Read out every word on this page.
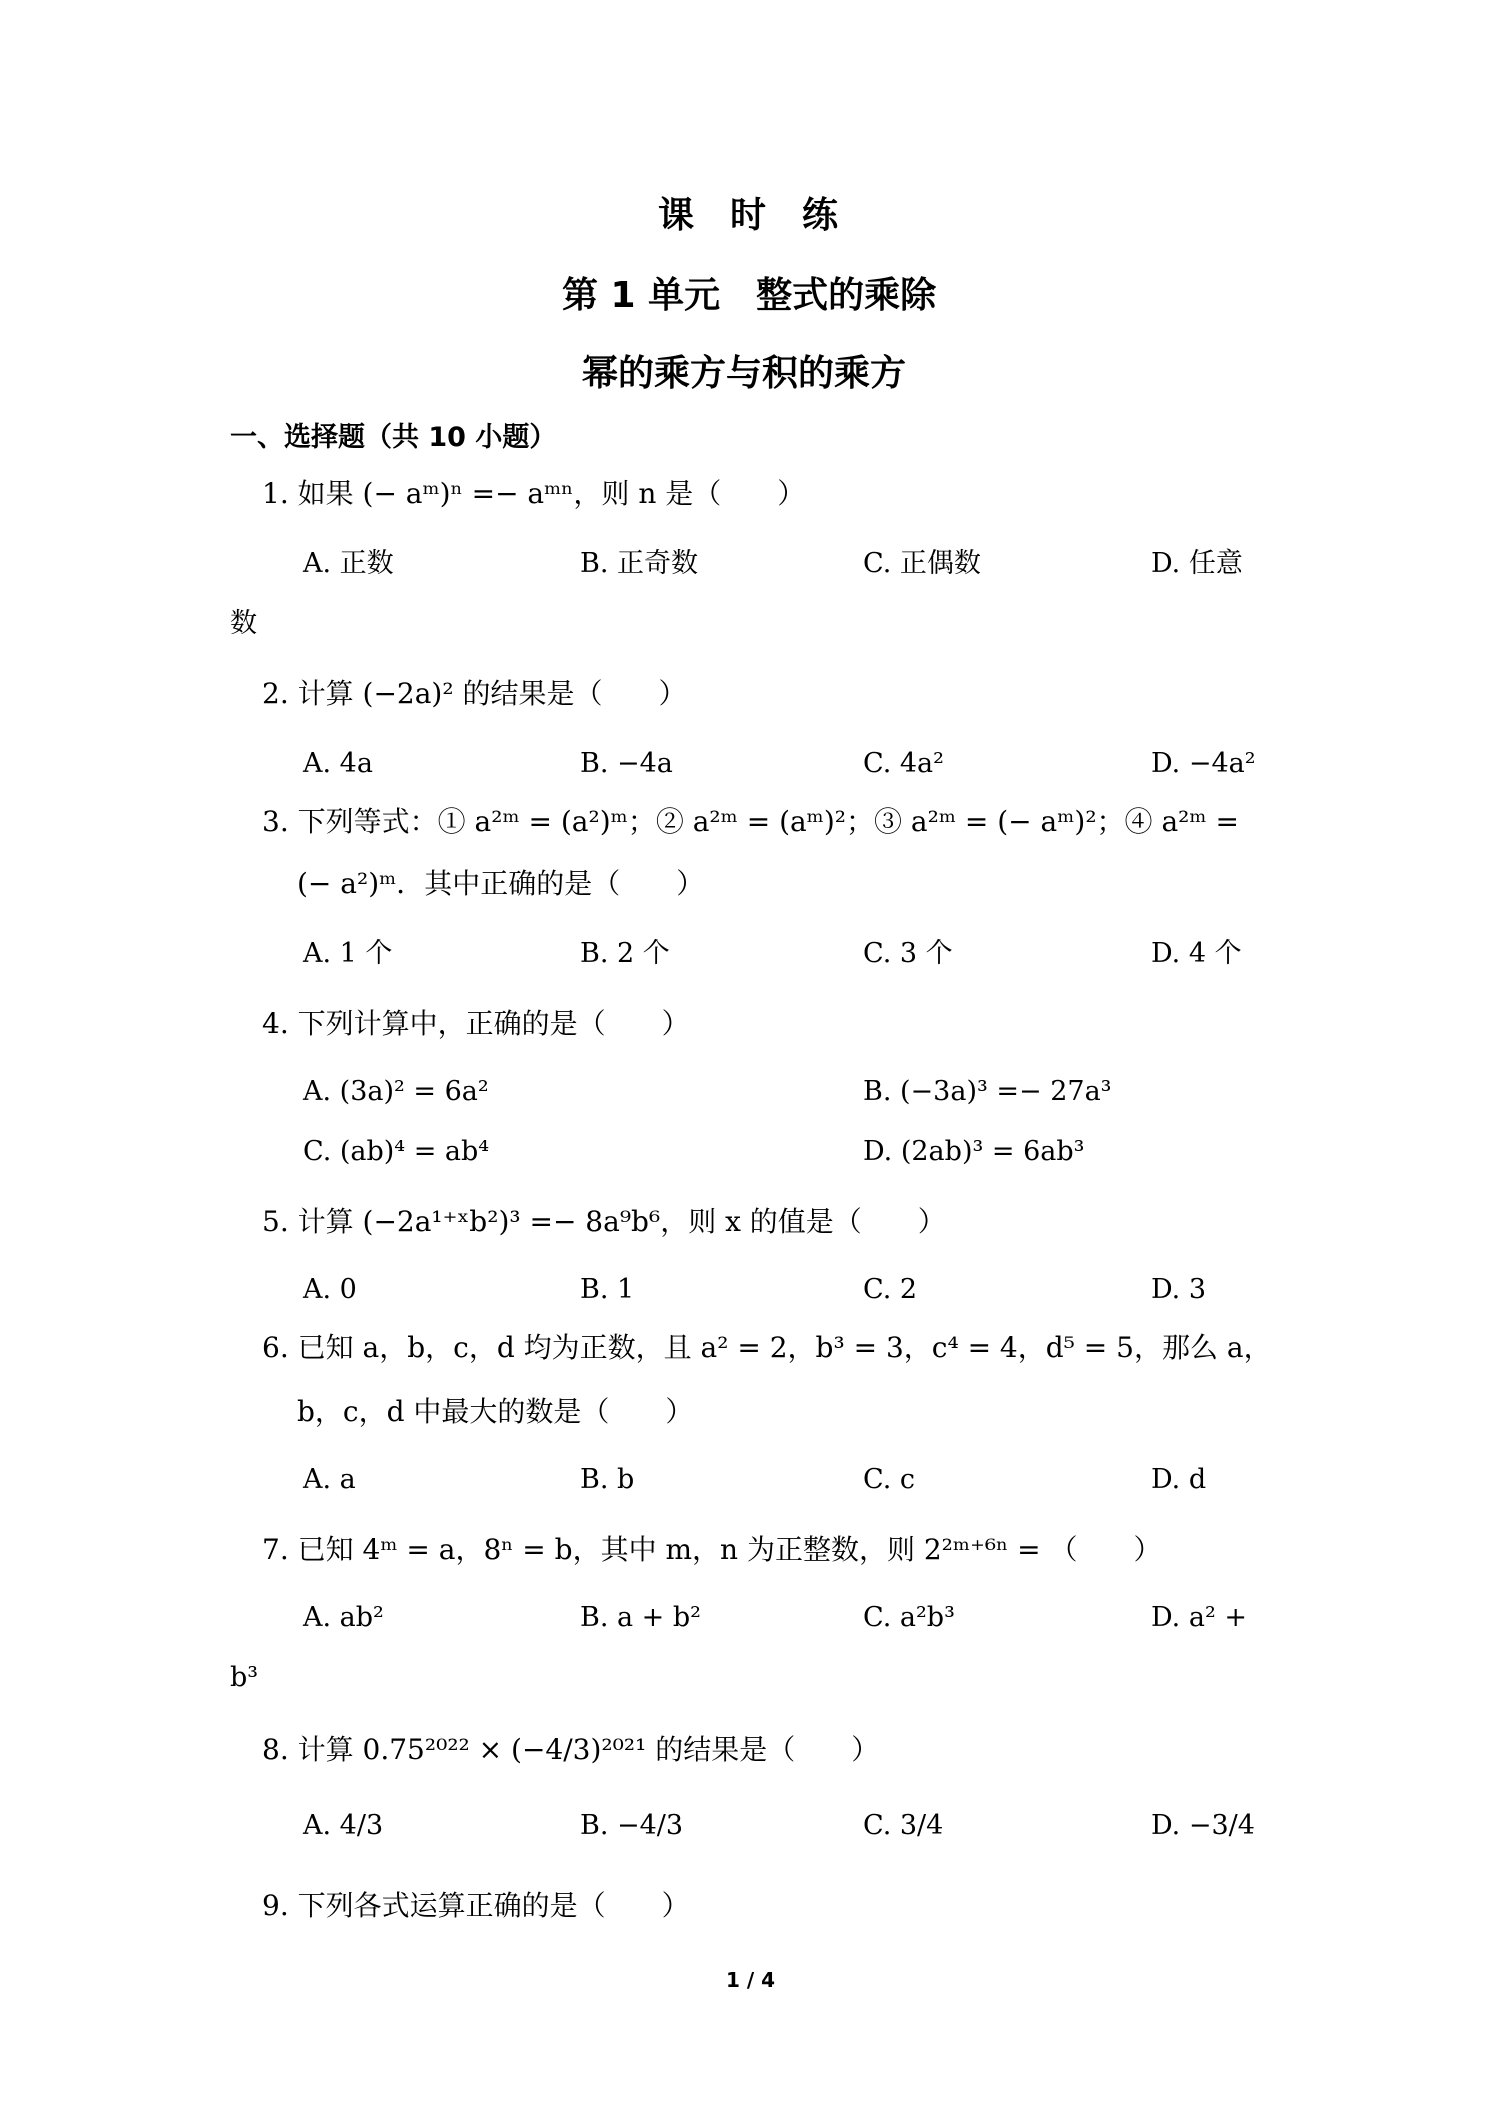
课　时　练
第 1 单元　整式的乘除
幂的乘方与积的乘方
一、选择题（共 10 小题）
1. 如果 (− aᵐ)ⁿ =− aᵐⁿ，则 n 是（　　）
A. 正数	B. 正奇数	C. 正偶数	D. 任意
数
2. 计算 (−2a)² 的结果是（　　）
A. 4a	B. −4a	C. 4a²	D. −4a²
3. 下列等式：① a²ᵐ = (a²)ᵐ；② a²ᵐ = (aᵐ)²；③ a²ᵐ = (− aᵐ)²；④ a²ᵐ =
(− a²)ᵐ．其中正确的是（　　）
A. 1 个	B. 2 个	C. 3 个	D. 4 个
4. 下列计算中，正确的是（　　）
A. (3a)² = 6a²	B. (−3a)³ =− 27a³
C. (ab)⁴ = ab⁴	D. (2ab)³ = 6ab³
5. 计算 (−2a¹⁺ˣb²)³ =− 8a⁹b⁶，则 x 的值是（　　）
A. 0	B. 1	C. 2	D. 3
6. 已知 a，b，c，d 均为正数，且 a² = 2，b³ = 3，c⁴ = 4，d⁵ = 5，那么 a，
b，c，d 中最大的数是（　　）
A. a	B. b	C. c	D. d
7. 已知 4ᵐ = a，8ⁿ = b，其中 m，n 为正整数，则 2²ᵐ⁺⁶ⁿ = （　　）
A. ab²	B. a + b²	C. a²b³	D. a² +
b³
8. 计算 0.75²⁰²² × (−4/3)²⁰²¹ 的结果是（　　）
A. 4/3	B. −4/3	C. 3/4	D. −3/4
9. 下列各式运算正确的是（　　）
1 / 4
